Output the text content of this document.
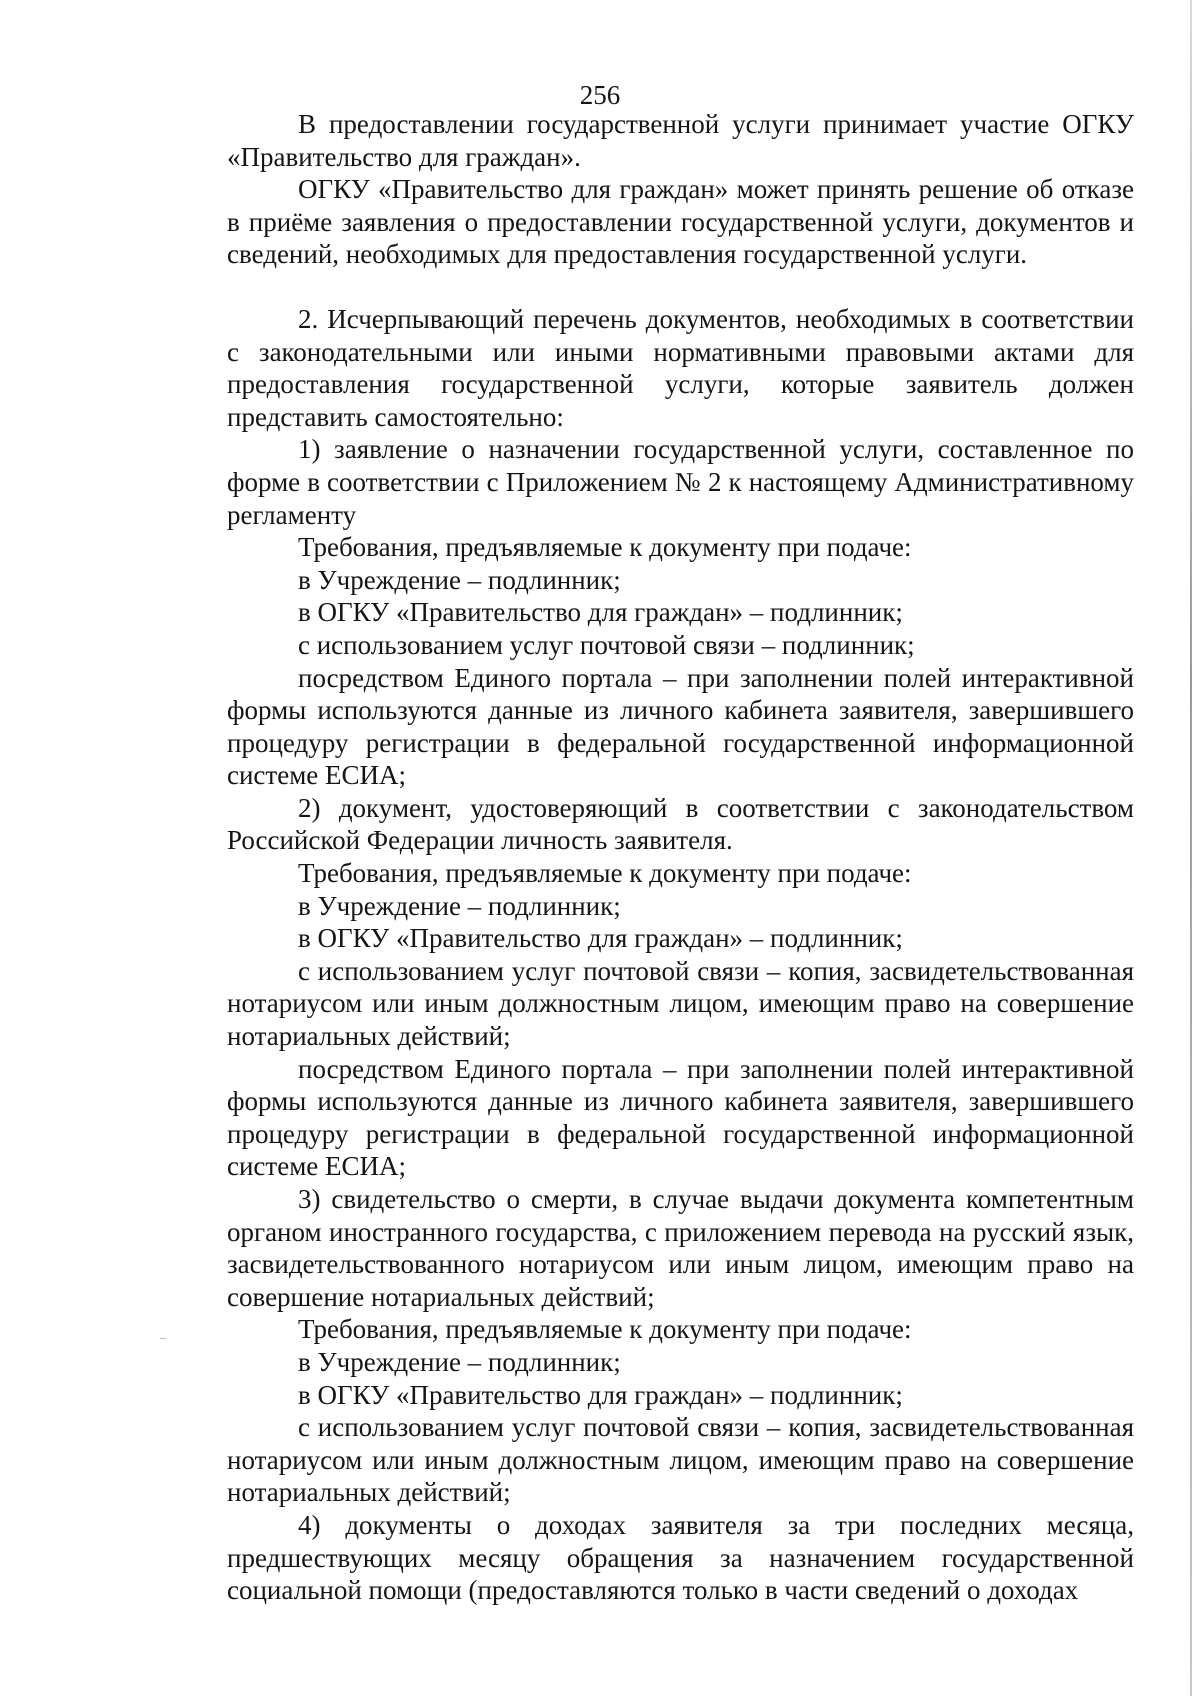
256

В предоставлении государственной услуги принимает участие ОГКУ «Правительство для граждан».

ОГКУ «Правительство для граждан» может принять решение об отказе в приёме заявления о предоставлении государственной услуги, документов и сведений, необходимых для предоставления государственной услуги.

2. Исчерпывающий перечень документов, необходимых в соответствии с законодательными или иными нормативными правовыми актами для предоставления государственной услуги, которые заявитель должен представить самостоятельно:

1) заявление о назначении государственной услуги, составленное по форме в соответствии с Приложением № 2 к настоящему Административному регламенту

Требования, предъявляемые к документу при подаче:

в Учреждение – подлинник;

в ОГКУ «Правительство для граждан» – подлинник;

с использованием услуг почтовой связи – подлинник;

посредством Единого портала – при заполнении полей интерактивной формы используются данные из личного кабинета заявителя, завершившего процедуру регистрации в федеральной государственной информационной системе ЕСИА;

2) документ, удостоверяющий в соответствии с законодательством Российской Федерации личность заявителя.

Требования, предъявляемые к документу при подаче:

в Учреждение – подлинник;

в ОГКУ «Правительство для граждан» – подлинник;

с использованием услуг почтовой связи – копия, засвидетельствованная нотариусом или иным должностным лицом, имеющим право на совершение нотариальных действий;

посредством Единого портала – при заполнении полей интерактивной формы используются данные из личного кабинета заявителя, завершившего процедуру регистрации в федеральной государственной информационной системе ЕСИА;

3) свидетельство о смерти, в случае выдачи документа компетентным органом иностранного государства, с приложением перевода на русский язык, засвидетельствованного нотариусом или иным лицом, имеющим право на совершение нотариальных действий;

Требования, предъявляемые к документу при подаче:

в Учреждение – подлинник;

в ОГКУ «Правительство для граждан» – подлинник;

с использованием услуг почтовой связи – копия, засвидетельствованная нотариусом или иным должностным лицом, имеющим право на совершение нотариальных действий;

4) документы о доходах заявителя за три последних месяца, предшествующих месяцу обращения за назначением государственной социальной помощи (предоставляются только в части сведений о доходах
